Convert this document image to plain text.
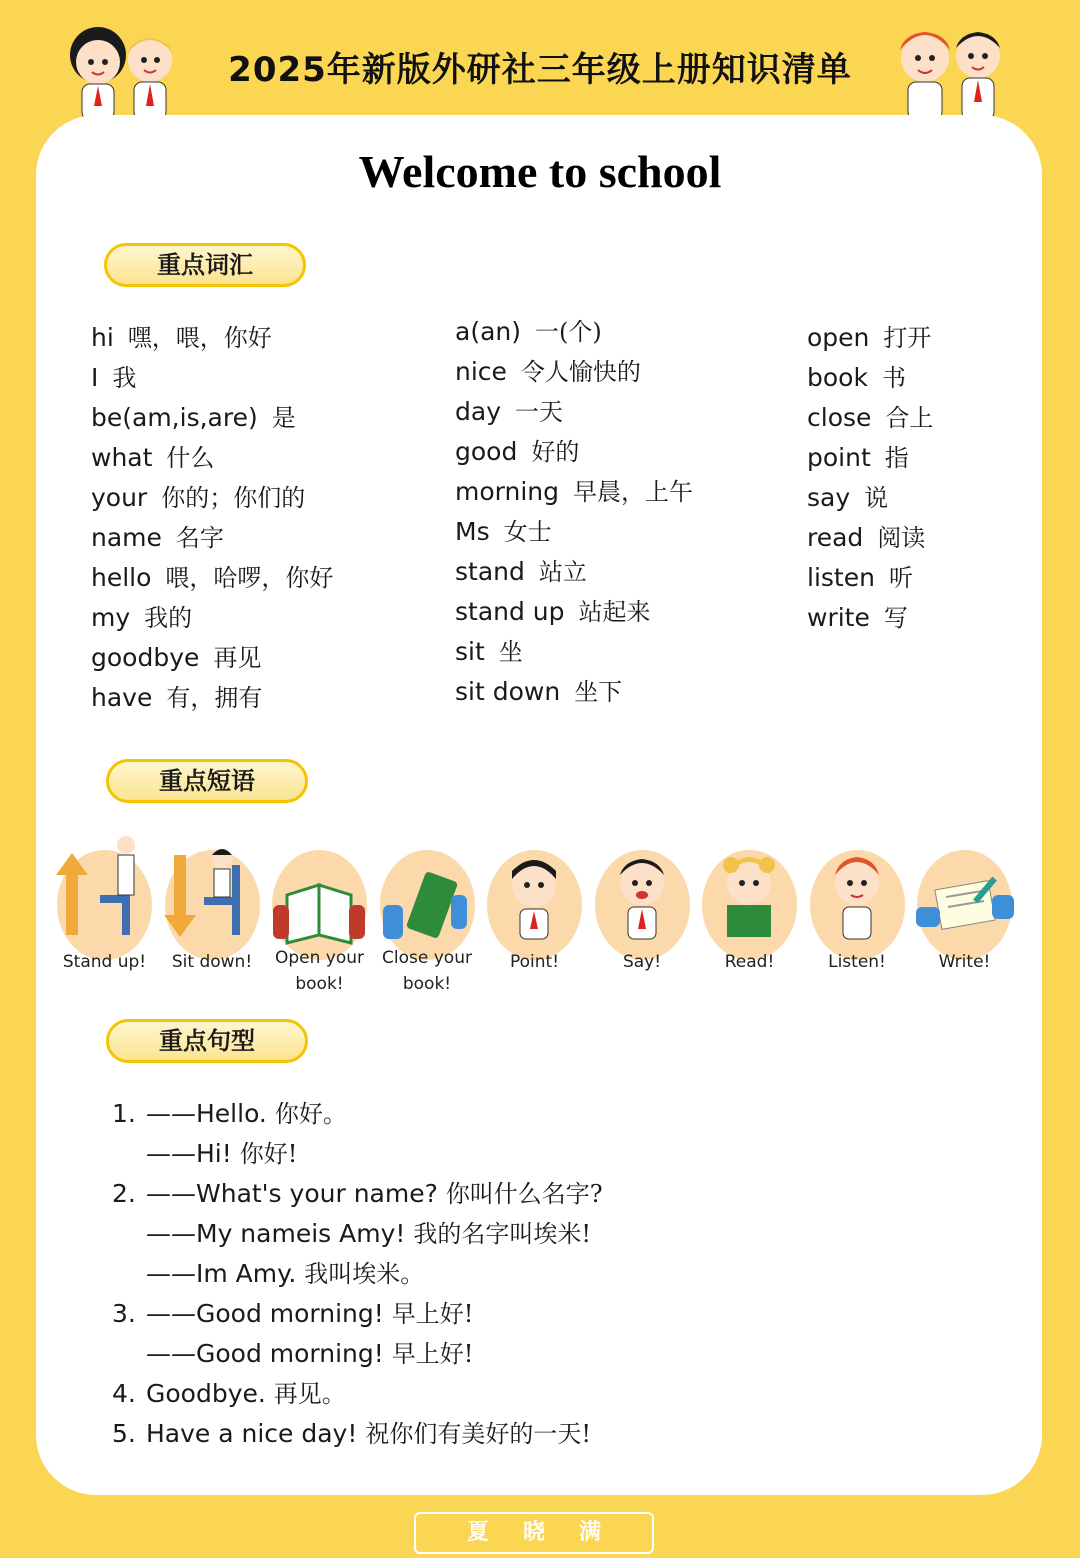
2025年新版外研社三年级上册知识清单
Welcome to school
重点词汇
hi 嘿，喂，你好
I 我
be(am,is,are) 是
what 什么
your 你的；你们的
name 名字
hello 喂，哈啰，你好
my 我的
goodbye 再见
have 有，拥有
a(an) 一(个)
nice 令人愉快的
day 一天
good 好的
morning 早晨，上午
Ms 女士
stand 站立
stand up 站起来
sit 坐
sit down 坐下
open 打开
book 书
close 合上
point 指
say 说
read 阅读
listen 听
write 写
重点短语
Stand up!	Sit down!	Open your
book!
Close your
book!
Point!	Say!	Read!	Listen!	Write!
重点句型
1. ——Hello. 你好。
——Hi! 你好!
2. ——What's your name? 你叫什么名字?
——My nameis Amy! 我的名字叫埃米!
——Im Amy. 我叫埃米。
3. ——Good morning! 早上好!
——Good morning! 早上好!
4. Goodbye. 再见。
5. Have a nice day! 祝你们有美好的一天!
夏晓满
